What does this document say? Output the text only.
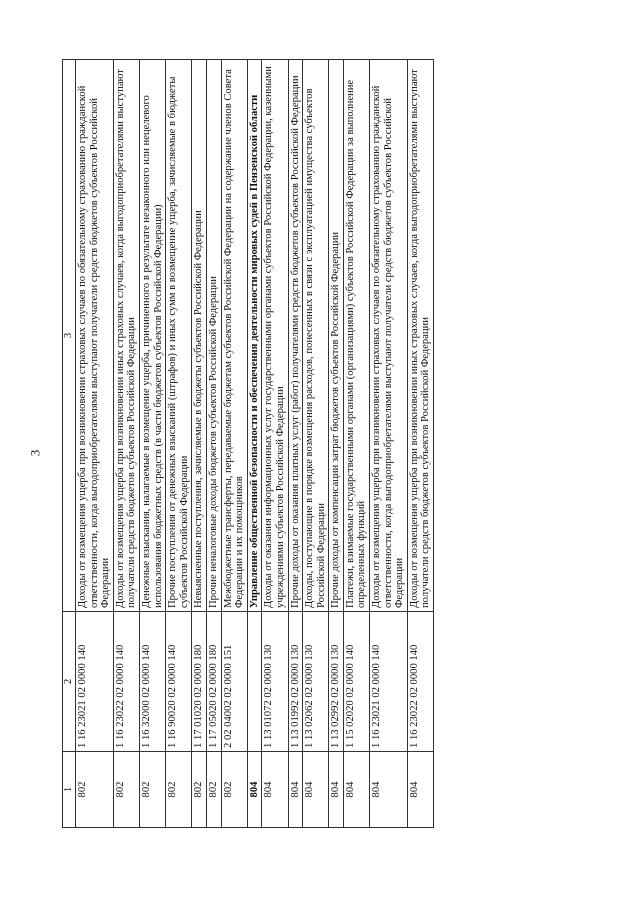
3
1	2	3
802	1 16 23021 02 0000 140	Доходы от возмещения ущерба при возникновении страховых случаев по обязательному страхованию гражданской ответственности, когда выгодоприобретателями выступают получатели средств бюджетов субъектов Российской Федерации
802	1 16 23022 02 0000 140	Доходы от возмещения ущерба при возникновении иных страховых случаев, когда выгодоприобретателями выступают получатели средств бюджетов субъектов Российской Федерации
802	1 16 32000 02 0000 140	Денежные взыскания, налагаемые в возмещение ущерба, причиненного в результате незаконного или нецелевого использования бюджетных средств (в части бюджетов субъектов Российской Федерации)
802	1 16 90020 02 0000 140	Прочие поступления от денежных взысканий (штрафов) и иных сумм в возмещение ущерба, зачисляемые в бюджеты субъектов Российской Федерации
802	1 17 01020 02 0000 180	Невыясненные поступления, зачисляемые в бюджеты субъектов Российской Федерации
802	1 17 05020 02 0000 180	Прочие неналоговые доходы бюджетов субъектов Российской Федерации
802	2 02 04002 02 0000 151	Межбюджетные трансферты, передаваемые бюджетам субъектов Российской Федерации на содержание членов Совета Федерации и их помощников
804		Управление общественной безопасности и обеспечения деятельности мировых судей в Пензенской области
804	1 13 01072 02 0000 130	Доходы от оказания информационных услуг государственными органами субъектов Российской Федерации, казенными учреждениями субъектов Российской Федерации
804	1 13 01992 02 0000 130	Прочие доходы от оказания платных услуг (работ) получателями средств бюджетов субъектов Российской Федерации
804	1 13 02062 02 0000 130	Доходы, поступающие в порядке возмещения расходов, понесенных в связи с эксплуатацией имущества субъектов Российской Федерации
804	1 13 02992 02 0000 130	Прочие доходы от компенсации затрат бюджетов субъектов Российской Федерации
804	1 15 02020 02 0000 140	Платежи, взимаемые государственными органами (организациями) субъектов Российской Федерации за выполнение определенных функций
804	1 16 23021 02 0000 140	Доходы от возмещения ущерба при возникновении страховых случаев по обязательному страхованию гражданской ответственности, когда выгодоприобретателями выступают получатели средств бюджетов субъектов Российской Федерации
804	1 16 23022 02 0000 140	Доходы от возмещения ущерба при возникновении иных страховых случаев, когда выгодоприобретателями выступают получатели средств бюджетов субъектов Российской Федерации
